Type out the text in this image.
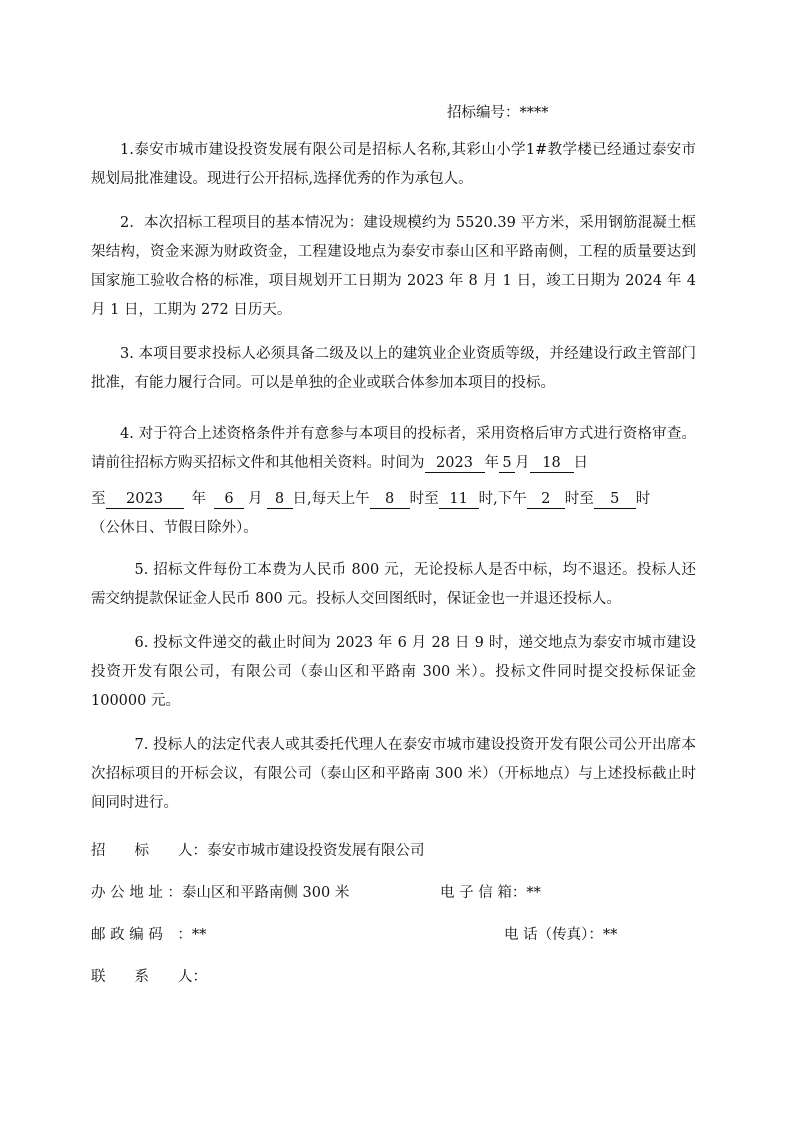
招标编号：****

1.泰安市城市建设投资发展有限公司是招标人名称,其彩山小学1#教学楼已经通过泰安市规划局批准建设。现进行公开招标,选择优秀的作为承包人。

2．本次招标工程项目的基本情况为：建设规模约为 5520.39 平方米，采用钢筋混凝土框架结构，资金来源为财政资金，工程建设地点为泰安市泰山区和平路南侧，工程的质量要达到国家施工验收合格的标准，项目规划开工日期为 2023 年 8 月 1 日，竣工日期为 2024 年 4 月 1 日，工期为 272 日历天。

3. 本项目要求投标人必须具备二级及以上的建筑业企业资质等级，并经建设行政主管部门批准，有能力履行合同。可以是单独的企业或联合体参加本项目的投标。

4. 对于符合上述资格条件并有意参与本项目的投标者，采用资格后审方式进行资格审查。请前往招标方购买招标文件和其他相关资料。时间为 2023 年 5 月 18 日
至 2023 年 6 月 8 日,每天上午 8 时至 11 时,下午 2 时至 5 时
（公休日、节假日除外）。

5. 招标文件每份工本费为人民币 800 元，无论投标人是否中标，均不退还。投标人还需交纳提款保证金人民币 800 元。投标人交回图纸时，保证金也一并退还投标人。

6. 投标文件递交的截止时间为 2023 年 6 月 28 日 9 时，递交地点为泰安市城市建设投资开发有限公司，有限公司（泰山区和平路南 300 米）。投标文件同时提交投标保证金 100000 元。

7. 投标人的法定代表人或其委托代理人在泰安市城市建设投资开发有限公司公开出席本次招标项目的开标会议，有限公司（泰山区和平路南 300 米）（开标地点）与上述投标截止时间同时进行。

招　　标　　人：泰安市城市建设投资发展有限公司
办 公 地 址 ：泰山区和平路南侧 300 米	电 子 信 箱：**
邮 政 编 码　：**	电 话（传真）：**
联　　系　　人：
